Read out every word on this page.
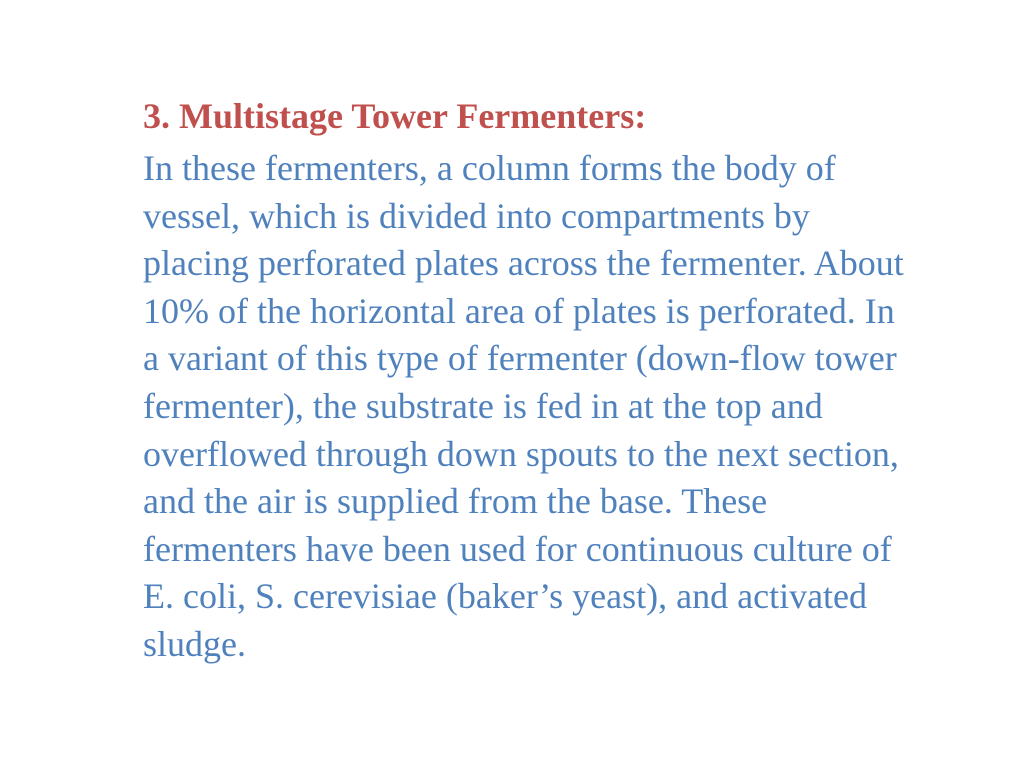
3. Multistage Tower Fermenters:

In these fermenters, a column forms the body of
vessel, which is divided into compartments by
placing perforated plates across the fermenter. About
10% of the horizontal area of plates is perforated. In
a variant of this type of fermenter (down-flow tower
fermenter), the substrate is fed in at the top and
overflowed through down spouts to the next section,
and the air is supplied from the base. These
fermenters have been used for continuous culture of
E. coli, S. cerevisiae (baker’s yeast), and activated
sludge.
